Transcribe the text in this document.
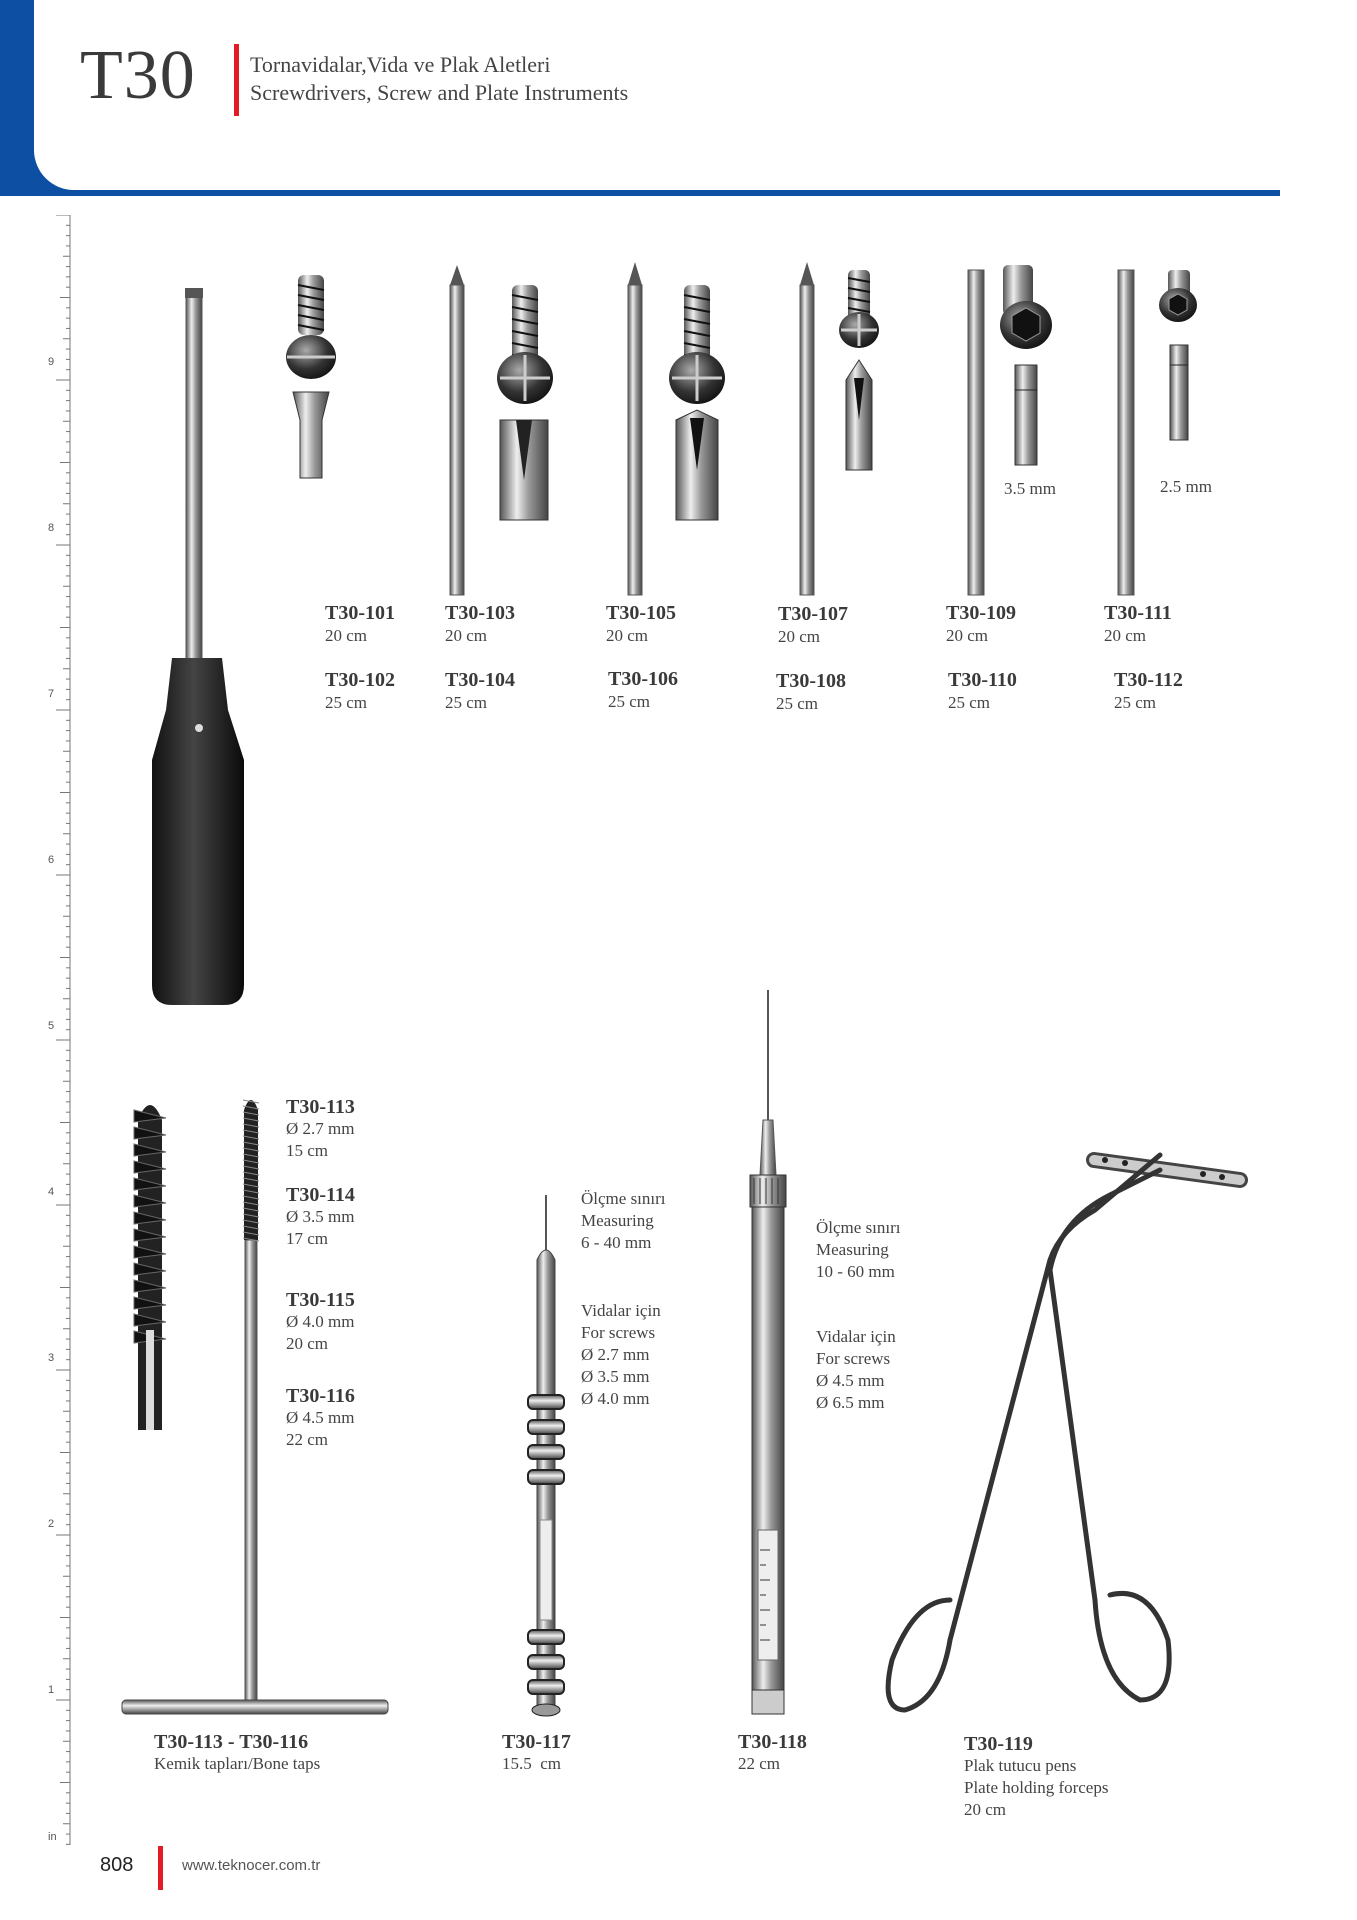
T30 Tornavidalar,Vida ve Plak Aletleri
Screwdrivers, Screw and Plate Instruments
9
8
7
6
5
4
3
2
1
in
T30-101
20 cm
T30-102
25 cm
T30-103
20 cm
T30-104
25 cm
T30-105
20 cm
T30-106
25 cm
T30-107
20 cm
T30-108
25 cm
T30-109
20 cm
T30-110
25 cm
3.5 mm
T30-111
20 cm
T30-112
25 cm
2.5 mm
T30-113
Ø 2.7 mm
15 cm
T30-114
Ø 3.5 mm
17 cm
T30-115
Ø 4.0 mm
20 cm
T30-116
Ø 4.5 mm
22 cm
T30-113 - T30-116
Kemik tapları/Bone taps
Ölçme sınırı
Measuring
6 - 40 mm
Vidalar için
For screws
Ø 2.7 mm
Ø 3.5 mm
Ø 4.0 mm
T30-117
15.5  cm
Ölçme sınırı
Measuring
10 - 60 mm
Vidalar için
For screws
Ø 4.5 mm
Ø 6.5 mm
T30-118
22 cm
T30-119
Plak tutucu pens
Plate holding forceps
20 cm
808	www.teknocer.com.tr
